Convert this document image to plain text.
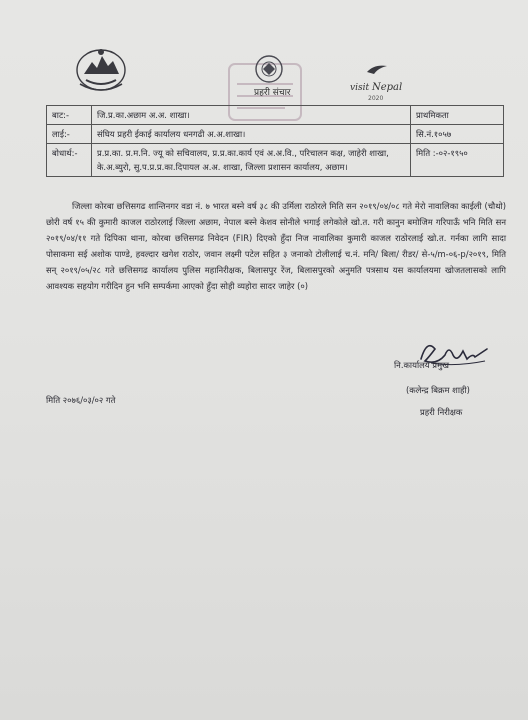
प्रहरी संचार	visit Nepal
2020
बाट:-	जि.प्र.का.अछाम अ.अ. शाखा।	प्राथमिकता
लाई:-	संघिय प्रहरी ईकाई कार्यालय धनगढी अ.अ.शाखा।	सि.नं.१०५७
बोधार्थ:-	प्र.प्र.का. प्र.म.नि. ज्यू को सचिवालय, प्र.प्र.का.कार्य एवं अ.अ.वि., परिचालन कक्ष, जाहेरी शाखा, के.अ.ब्युरो, सु.प.प्र.प्र.का.दिपायल अ.अ. शाखा, जिल्ला प्रशासन कार्यालय, अछाम।	मिति :-०२-१९५०
जिल्ला कोरबा छत्तिसगढ शान्तिनगर वडा नं. ७ भारत बस्ने वर्ष ३८ की उर्मिला राठोरले मिति सन २०१९/०४/०८ गते मेरो नावालिका काईली (चौथो) छोरी वर्ष १५ की कुमारी काजल राठोरलाई जिल्ला अछाम, नेपाल बस्ने केशव सोनीले भगाई लगेकोले खो.त. गरी कानुन बमोजिम गरिपाऊँ भनि मिति सन २०१९/०४/११ गते दिपिका थाना, कोरबा छत्तिसगढ निवेदन (FIR) दिएको हुँदा निज नावालिका कुमारी काजल राठोरलाई खो.त. गर्नका लागि सादा पोसाकमा सई अशोक पाण्डे, हवल्दार खगेश राठोर, जवान लक्ष्मी पटेल सहित ३ जनाको टोलीलाई च.नं. मनि/ बिला/ रीडर/ से-५/m-०६-p/२०१९, मिति सन् २०१९/०५/२८ गते छत्तिसगढ कार्यालय पुलिस महानिरीक्षक, बिलासपुर रेंज, बिलासपुरको अनुमति पत्रसाथ यस कार्यालयमा खोजतलासको लागि आवश्यक सहयोग गरीदिन हुन भनि सम्पर्कमा आएको हुँदा सोही व्यहोरा सादर जाहेर (०)
नि.कार्यालय प्रमुख
(कलेन्द्र बिक्रम शाही)
प्रहरी निरीक्षक
मिति २०७६/०३/०२ गते
